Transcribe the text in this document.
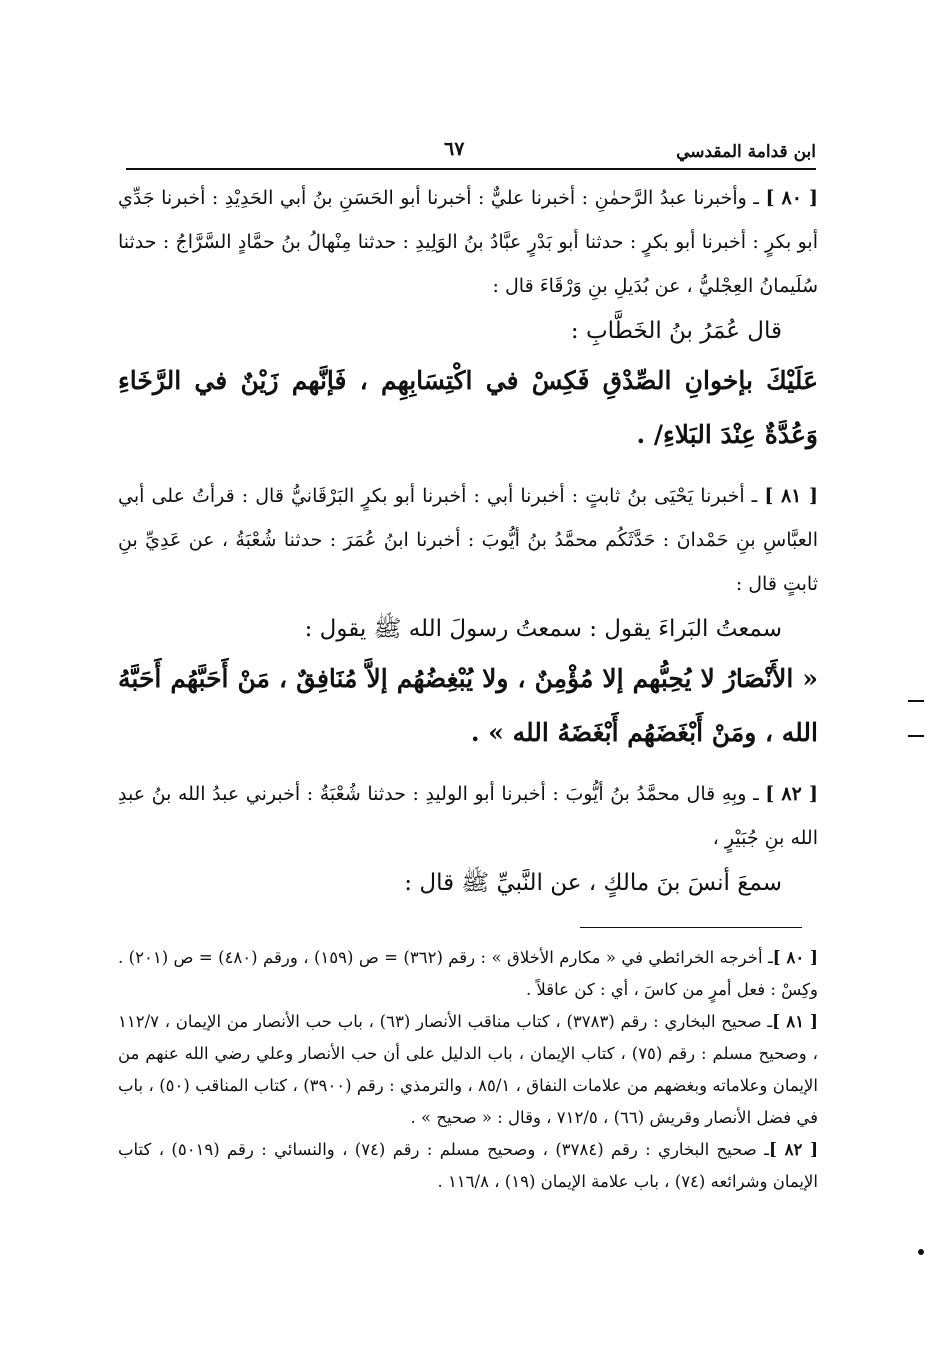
ابن قدامة المقدسي
٦٧

[ ٨٠ ] ـ وأخبرنا عبدُ الرَّحمٰنِ : أخبرنا عليٌّ : أخبرنا أبو الحَسَنِ بنُ أبي الحَدِيْدِ : أخبرنا جَدِّي أبو بكرٍ : أخبرنا أبو بكرٍ : حدثنا أبو بَدْرٍ عبَّادُ بنُ الوَلِيدِ : حدثنا مِنْهالُ بنُ حمَّادٍ السَّرَّاجُ : حدثنا سُلَيمانُ العِجْليُّ ، عن بُدَيلِ بنِ وَرْقَاءَ قال :

قال عُمَرُ بنُ الخَطَّابِ :

عَلَيْكَ بإخوانِ الصِّدْقِ فَكِسْ في اكْتِسَابِهِم ، فَإنَّهم زَيْنٌ في الرَّخَاءِ وَعُدَّةٌ عِنْدَ البَلاءِ/ .

[ ٨١ ] ـ أخبرنا يَحْيَى بنُ ثابتٍ : أخبرنا أبي : أخبرنا أبو بكرٍ البَرْقَانيُّ قال : قرأتُ على أبي العبَّاسِ بنِ حَمْدانَ : حَدَّثَكُم محمَّدُ بنُ أيُّوبَ : أخبرنا ابنُ عُمَرَ : حدثنا شُعْبَةُ ، عن عَدِيِّ بنِ ثابتٍ قال :

سمعتُ البَراءَ يقول : سمعتُ رسولَ الله ﷺ يقول :

« الأَنْصَارُ لا يُحِبُّهم إلا مُؤْمِنٌ ، ولا يُبْغِضُهُم إلاَّ مُنَافِقٌ ، مَنْ أَحَبَّهُم أَحَبَّهُ الله ، ومَنْ أَبْغَضَهُم أَبْغَضَهُ الله » .

[ ٨٢ ] ـ وبِهِ قال محمَّدُ بنُ أيُّوبَ : أخبرنا أبو الوليدِ : حدثنا شُعْبَةُ : أخبرني عبدُ الله بنُ عبدِ الله بنِ جُبَيْرٍ ،

سمعَ أنسَ بنَ مالكٍ ، عن النَّبيِّ ﷺ قال :

[ ٨٠ ]ـ أخرجه الخرائطي في « مكارم الأخلاق » : رقم (٣٦٢) = ص (١٥٩) ، ورقم (٤٨٠) = ص (٢٠١) . وكِسْ : فعل أمرٍ من كاسَ ، أي : كن عاقلاً .

[ ٨١ ]ـ صحيح البخاري : رقم (٣٧٨٣) ، كتاب مناقب الأنصار (٦٣) ، باب حب الأنصار من الإيمان ، ١١٢/٧ ، وصحيح مسلم : رقم (٧٥) ، كتاب الإيمان ، باب الدليل على أن حب الأنصار وعلي رضي الله عنهم من الإيمان وعلاماته وبغضهم من علامات النفاق ، ٨٥/١ ، والترمذي : رقم (٣٩٠٠) ، كتاب المناقب (٥٠) ، باب في فضل الأنصار وقريش (٦٦) ، ٧١٢/٥ ، وقال : « صحيح » .

[ ٨٢ ]ـ صحيح البخاري : رقم (٣٧٨٤) ، وصحيح مسلم : رقم (٧٤) ، والنسائي : رقم (٥٠١٩) ، كتاب الإيمان وشرائعه (٧٤) ، باب علامة الإيمان (١٩) ، ١١٦/٨ .
